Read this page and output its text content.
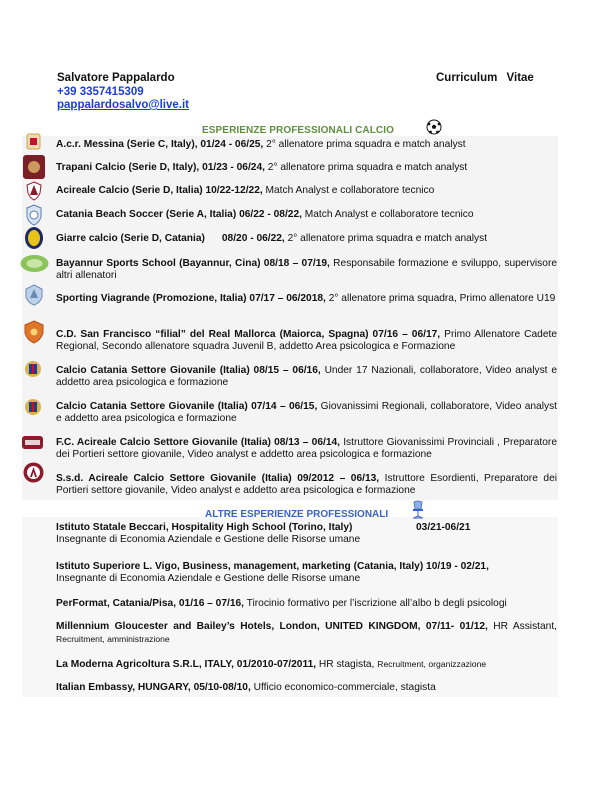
Salvatore Pappalardo	Curriculum Vitae
+39 3357415309
pappalardosalvo@live.it
ESPERIENZE PROFESSIONALI CALCIO
A.c.r. Messina (Serie C, Italy), 01/24 - 06/25, 2° allenatore prima squadra e match analyst
Trapani Calcio (Serie D, Italy), 01/23 - 06/24, 2° allenatore prima squadra e match analyst
Acireale Calcio (Serie D, Italia) 10/22-12/22, Match Analyst e collaboratore tecnico
Catania Beach Soccer (Serie A, Italia) 06/22 - 08/22, Match Analyst e collaboratore tecnico
Giarre calcio (Serie D, Catania)      08/20 - 06/22, 2° allenatore prima squadra e match analyst
Bayannur Sports School (Bayannur, Cina) 08/18 – 07/19, Responsabile formazione e sviluppo, supervisore altri allenatori
Sporting Viagrande (Promozione, Italia) 07/17 – 06/2018, 2° allenatore prima squadra, Primo allenatore U19
C.D. San Francisco “filial” del Real Mallorca (Maiorca, Spagna) 07/16 – 06/17, Primo Allenatore Cadete Regional, Secondo allenatore squadra Juvenil B, addetto Area psicologica e Formazione
Calcio Catania Settore Giovanile (Italia) 08/15 – 06/16, Under 17 Nazionali, collaboratore, Video analyst e addetto area psicologica e formazione
Calcio Catania Settore Giovanile (Italia) 07/14 – 06/15, Giovanissimi Regionali, collaboratore, Video analyst e addetto area psicologica e formazione
F.C. Acireale Calcio Settore Giovanile (Italia) 08/13 – 06/14, Istruttore Giovanissimi Provinciali , Preparatore dei Portieri settore giovanile, Video analyst e addetto area psicologica e formazione
S.s.d. Acireale Calcio Settore Giovanile (Italia) 09/2012 – 06/13, Istruttore Esordienti, Preparatore dei Portieri settore giovanile, Video analyst e addetto area psicologica e formazione
ALTRE ESPERIENZE PROFESSIONALI
Istituto Statale Beccari, Hospitality High School (Torino, Italy)	03/21-06/21

Insegnante di Economia Aziendale e Gestione delle Risorse umane
Istituto Superiore L. Vigo, Business, management, marketing (Catania, Italy) 10/19 - 02/21,
Insegnante di Economia Aziendale e Gestione delle Risorse umane
PerFormat, Catania/Pisa, 01/16 – 07/16, Tirocinio formativo per l’iscrizione all’albo b degli psicologi
Millennium Gloucester and Bailey’s Hotels, London, UNITED KINGDOM, 07/11- 01/12, HR Assistant, Recruitment, amministrazione
La Moderna Agricoltura S.R.L, ITALY, 01/2010-07/2011, HR stagista, Recruitment, organizzazione
Italian Embassy, HUNGARY, 05/10-08/10, Ufficio economico-commerciale, stagista
